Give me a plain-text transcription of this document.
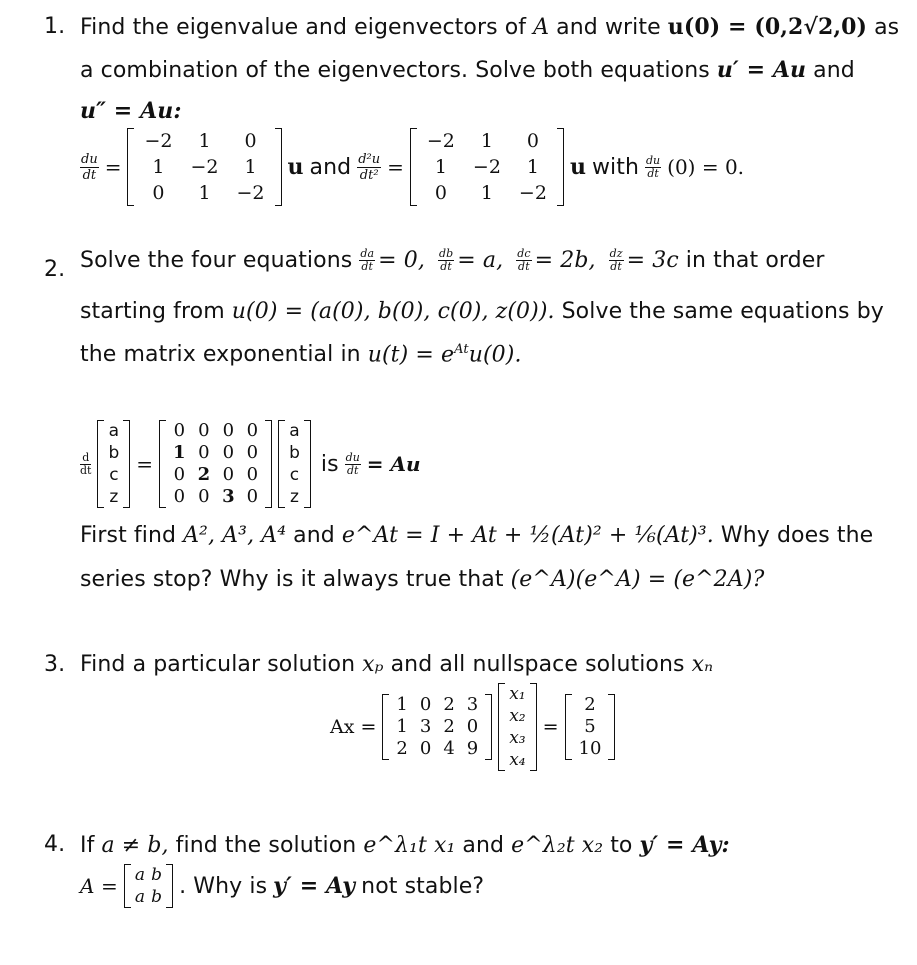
1. Find the eigenvalue and eigenvectors of A and write u(0) = (0,2√2,0) as
a combination of the eigenvectors. Solve both equations u′ = Au and
u″ = Au:
$\frac{du}{dt}$ =
−2	1	0
1	−2	1
0	1	−2
u and $\frac{\text{d²u}}{\text{dt²}}$ =
−2	1	0
1	−2	1
0	1	−2
u with $\frac{du}{dt} (0) = 0$.
2. Solve the four equations $\frac{da}{dt} = 0$, $\frac{db}{dt} = a$, $\frac{dc}{dt} = 2b$, $\frac{dz}{dt} = 3c$ in that order
starting from u(0) = (a(0), b(0), c(0), z(0)). Solve the same equations by
the matrix exponential in $u(t) = e^{At}u(0)$.
$\frac{d}{dt}$
a
b
c
z
=
0	0	0	0
1	0	0	0
0	2	0	0
0	0	3	0
a
b
c
z
is $\frac{du}{dt} = Au$
First find A², A³, A⁴ and e^At = I + At + ½(At)² + ⅙(At)³. Why does the
series stop? Why is it always true that (e^A)(e^A) = (e^2A)?
3. Find a particular solution xₚ and all nullspace solutions xₙ
Ax =
1	0	2	3
1	3	2	0
2	0	4	9
x₁
x₂
x₃
x₄
=
2
5
10
4. If a ≠ b, find the solution e^λ₁t x₁ and e^λ₂t x₂ to y′ = Ay:
A = a	b
a	b . Why is y′ = Ay not stable?
